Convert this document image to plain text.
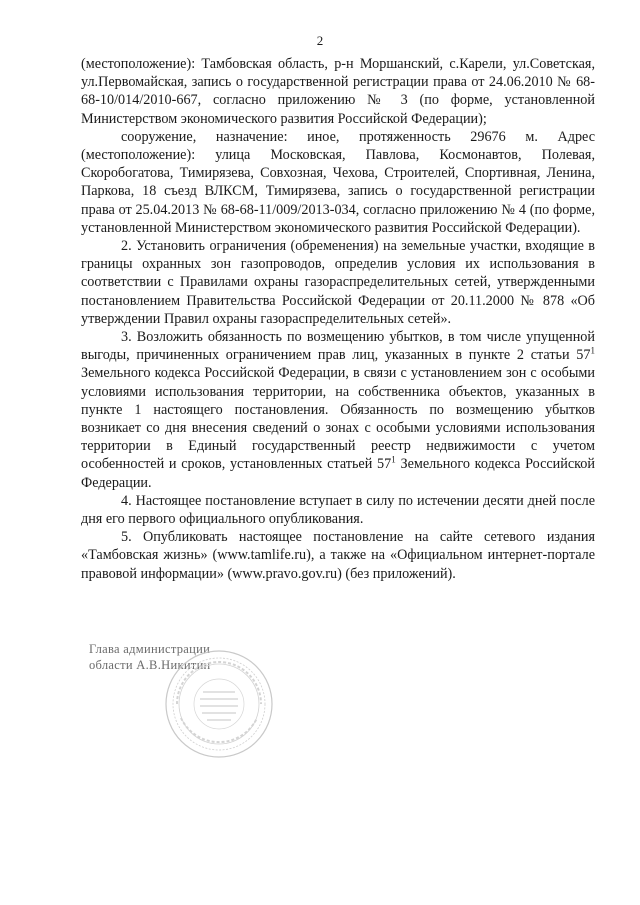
2

(местоположение): Тамбовская область, р-н Моршанский, с.Карели, ул.Советская, ул.Первомайская, запись о государственной регистрации права от 24.06.2010 № 68-68-10/014/2010-667, согласно приложению № 3 (по форме, установленной Министерством экономического развития Российской Федерации);

сооружение, назначение: иное, протяженность 29676 м. Адрес (местоположение): улица Московская, Павлова, Космонавтов, Полевая, Скоробогатова, Тимирязева, Совхозная, Чехова, Строителей, Спортивная, Ленина, Паркова, 18 съезд ВЛКСМ, Тимирязева, запись о государственной регистрации права от 25.04.2013 № 68-68-11/009/2013-034, согласно приложению № 4 (по форме, установленной Министерством экономического развития Российской Федерации).

2. Установить ограничения (обременения) на земельные участки, входящие в границы охранных зон газопроводов, определив условия их использования в соответствии с Правилами охраны газораспределительных сетей, утвержденными постановлением Правительства Российской Федерации от 20.11.2000 № 878 «Об утверждении Правил охраны газораспределительных сетей».

3. Возложить обязанность по возмещению убытков, в том числе упущенной выгоды, причиненных ограничением прав лиц, указанных в пункте 2 статьи $57^1$ Земельного кодекса Российской Федерации, в связи с установлением зон с особыми условиями использования территории, на собственника объектов, указанных в пункте 1 настоящего постановления. Обязанность по возмещению убытков возникает со дня внесения сведений о зонах с особыми условиями использования территории в Единый государственный реестр недвижимости с учетом особенностей и сроков, установленных статьей $57^1$ Земельного кодекса Российской Федерации.

4. Настоящее постановление вступает в силу по истечении десяти дней после дня его первого официального опубликования.

5. Опубликовать настоящее постановление на сайте сетевого издания «Тамбовская жизнь» (www.tamlife.ru), а также на «Официальном интернет-портале правовой информации» (www.pravo.gov.ru) (без приложений).

Глава администрации
области А.В.Никитин
